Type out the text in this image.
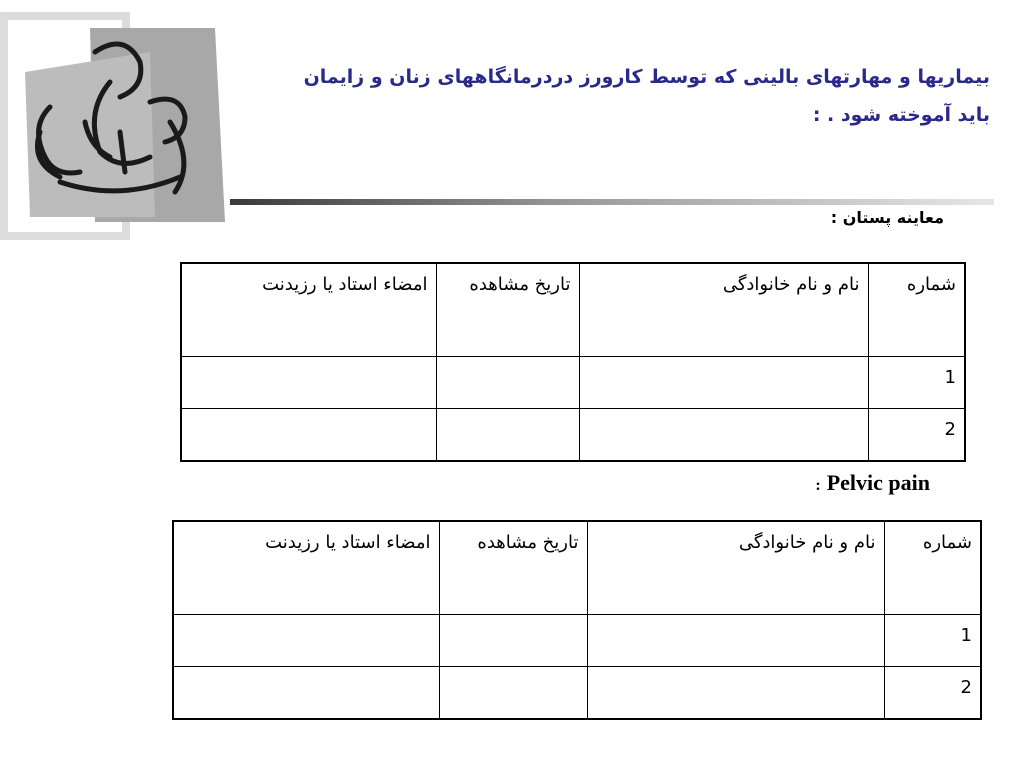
بیماریها و مهارتهای بالینی که توسط کارورز دردرمانگاههای زنان و زایمان
باید آموخته شود . :
معاینه پستان :
شماره	نام و نام خانوادگی	تاریخ مشاهده	امضاء استاد یا رزیدنت
1			
2			
: Pelvic pain
شماره	نام و نام خانوادگی	تاریخ مشاهده	امضاء استاد یا رزیدنت
1			
2			
